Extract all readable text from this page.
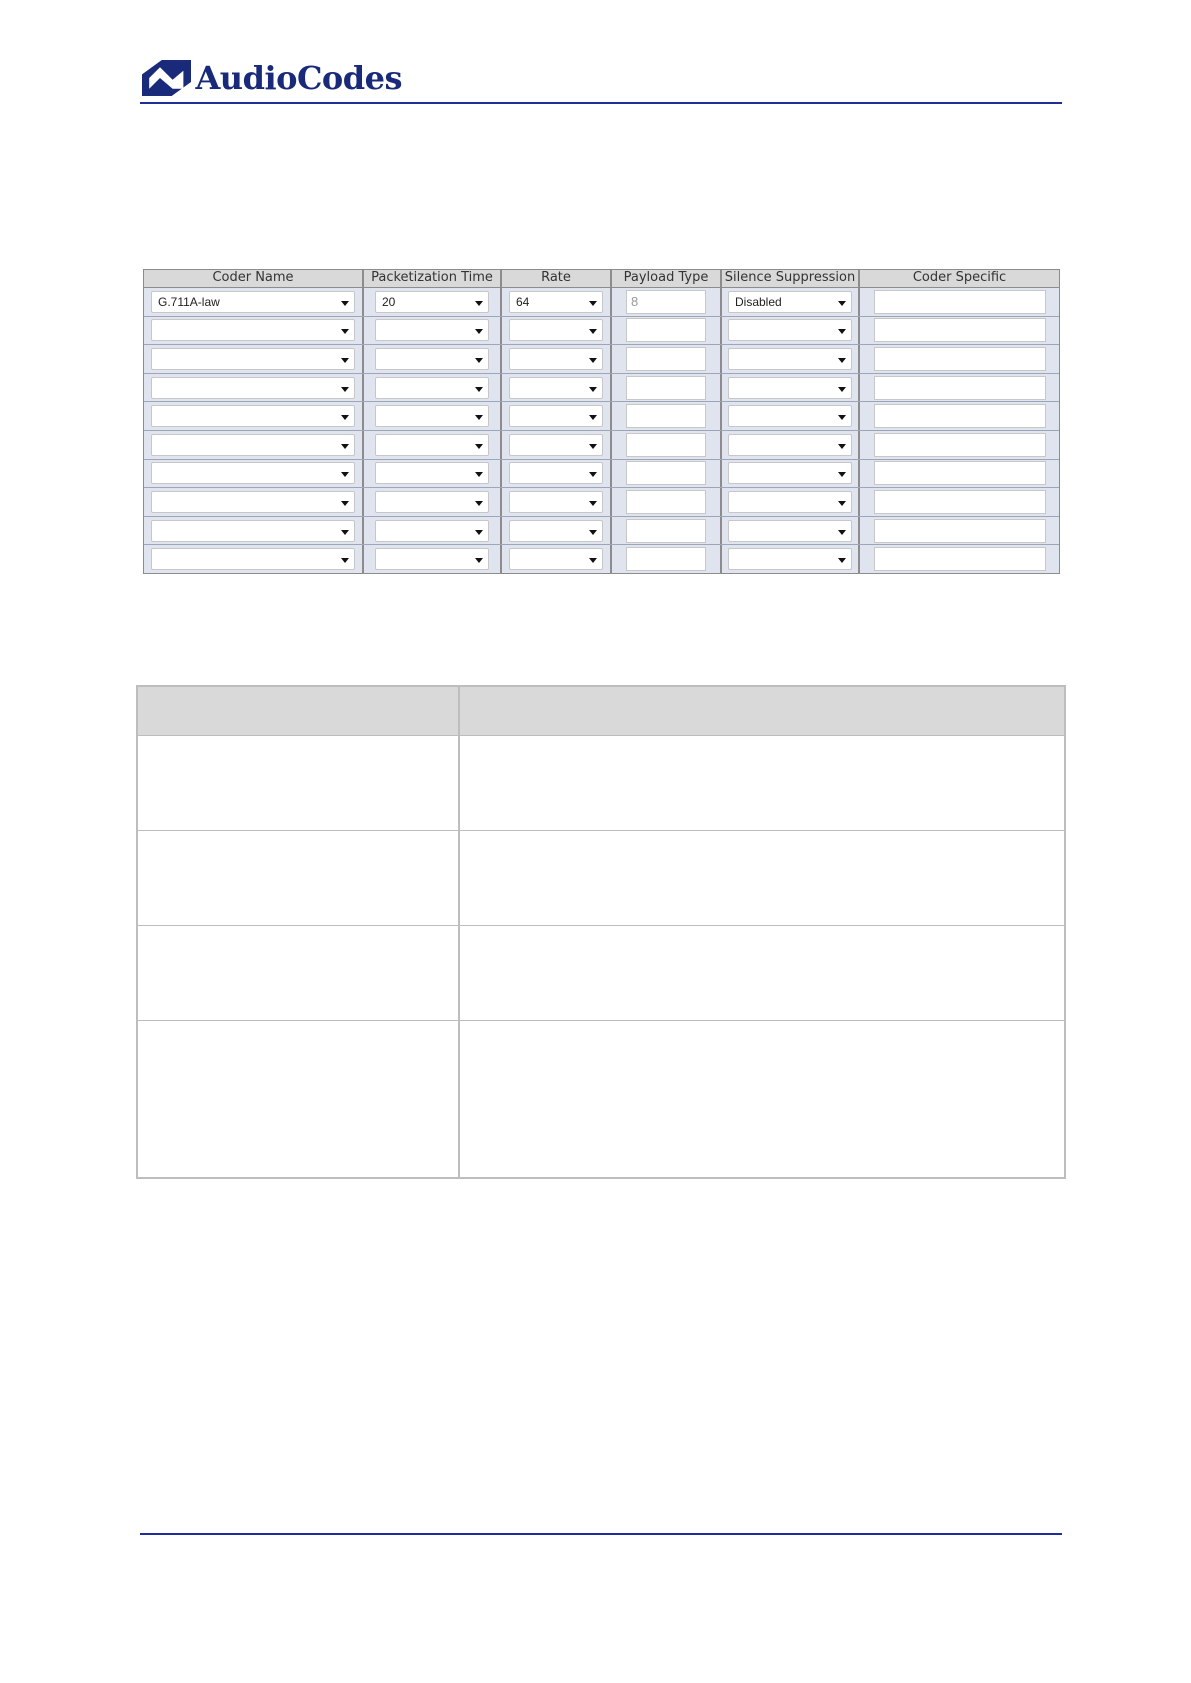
AudioCodes
Coder Name	Packetization Time	Rate	Payload Type	Silence Suppression	Coder Specific
G.711A-law	20	64	8	Disabled
